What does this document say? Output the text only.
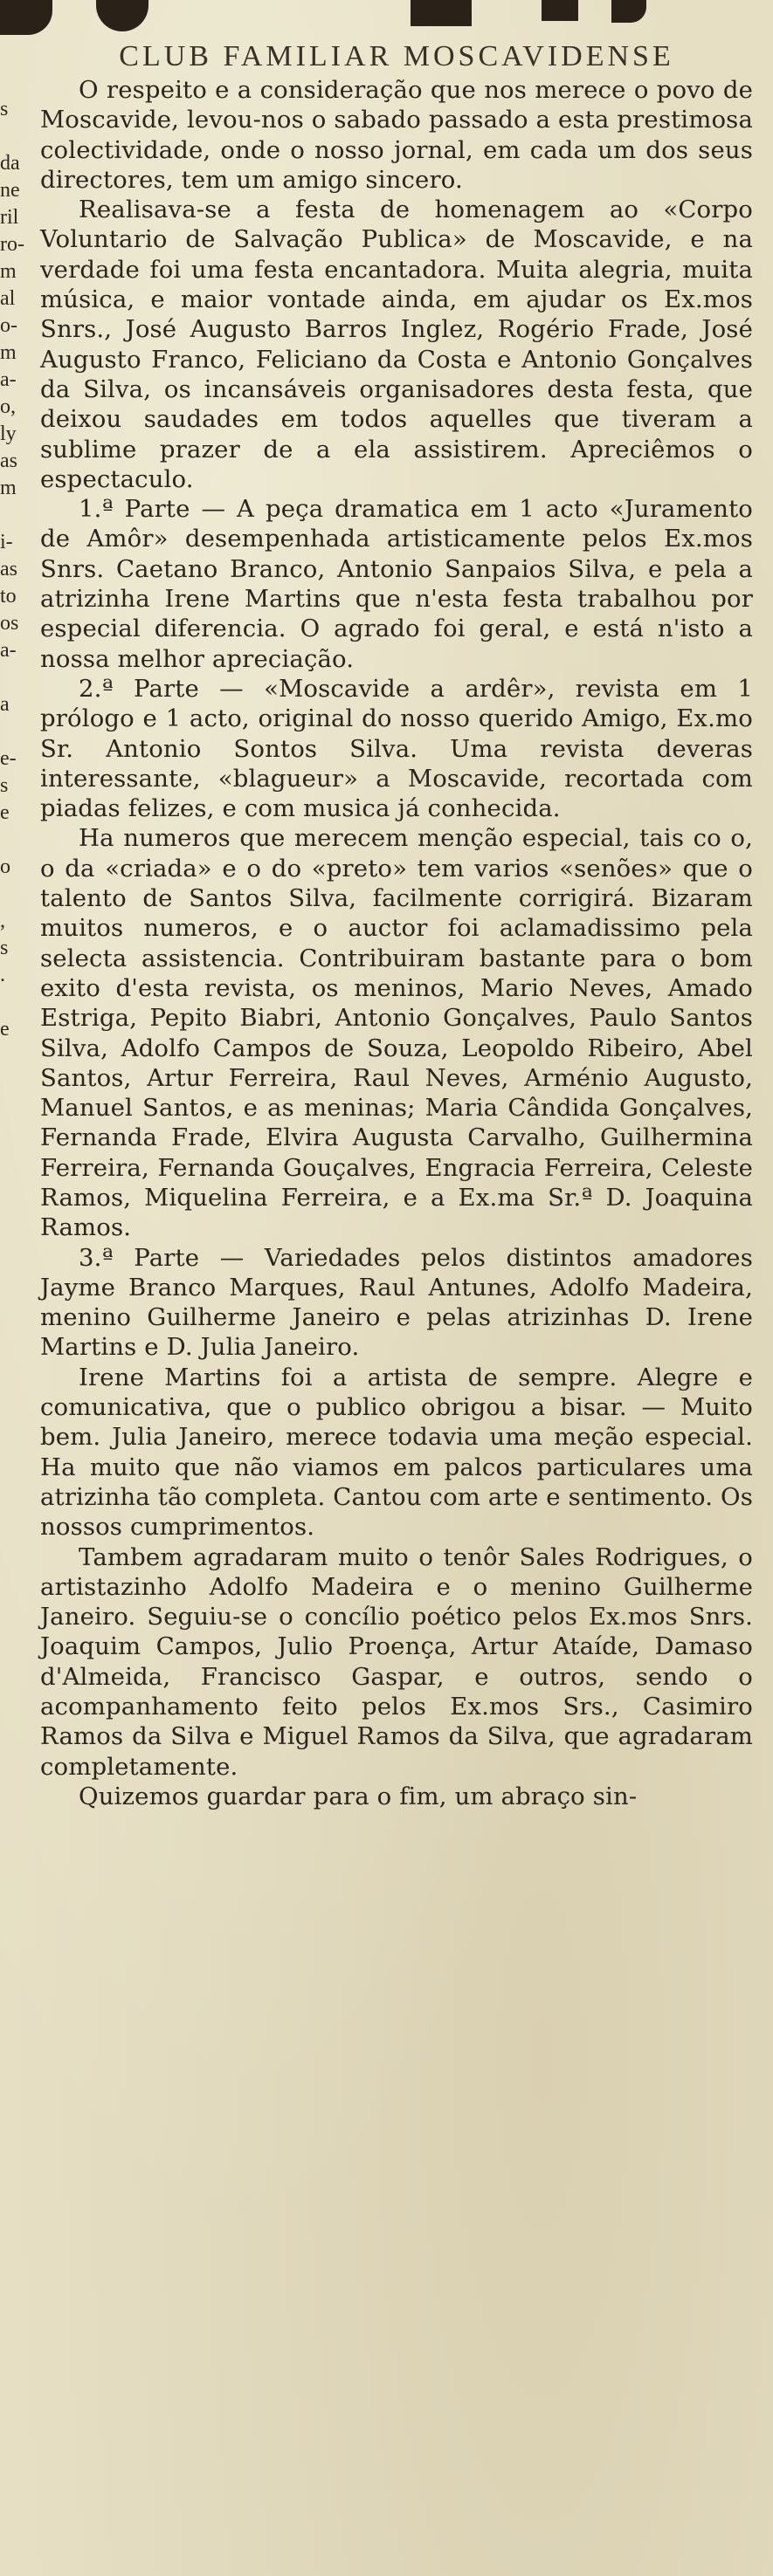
s
da
ne
ril
ro-
m
al
o-
m
a-
o,
ly
as
m
i-
as
to
os
a-
a
e-
s
e
o
,
s
.
e
CLUB FAMILIAR MOSCAVIDENSE

O respeito e a consideração que nos merece o povo de Moscavide, levou-nos o sabado passado a esta prestimosa colectividade, onde o nosso jornal, em cada um dos seus directores, tem um amigo sincero.

Realisava-se a festa de homenagem ao «Corpo Voluntario de Salvação Publica» de Moscavide, e na verdade foi uma festa encantadora. Muita alegria, muita música, e maior vontade ainda, em ajudar os Ex.mos Snrs., José Augusto Barros Inglez, Rogério Frade, José Augusto Franco, Feliciano da Costa e Antonio Gonçalves da Silva, os incansáveis organisadores desta festa, que deixou saudades em todos aquelles que tiveram a sublime prazer de a ela assistirem. Apreciêmos o espectaculo.

1.ª Parte — A peça dramatica em 1 acto «Juramento de Amôr» desempenhada artisticamente pelos Ex.mos Snrs. Caetano Branco, Antonio Sanpaios Silva, e pela a atrizinha Irene Martins que n'esta festa trabalhou por especial diferencia. O agrado foi geral, e está n'isto a nossa melhor apreciação.

2.ª Parte — «Moscavide a ardêr», revista em 1 prólogo e 1 acto, original do nosso querido Amigo, Ex.mo Sr. Antonio Sontos Silva. Uma revista deveras interessante, «blagueur» a Moscavide, recortada com piadas felizes, e com musica já conhecida.

Ha numeros que merecem menção especial, tais co o, o da «criada» e o do «preto» tem varios «senões» que o talento de Santos Silva, facilmente corrigirá. Bizaram muitos numeros, e o auctor foi aclamadissimo pela selecta assistencia. Contribuiram bastante para o bom exito d'esta revista, os meninos, Mario Neves, Amado Estriga, Pepito Biabri, Antonio Gonçalves, Paulo Santos Silva, Adolfo Campos de Souza, Leopoldo Ribeiro, Abel Santos, Artur Ferreira, Raul Neves, Arménio Augusto, Manuel Santos, e as meninas; Maria Cândida Gonçalves, Fernanda Frade, Elvira Augusta Carvalho, Guilhermina Ferreira, Fernanda Gouçalves, Engracia Ferreira, Celeste Ramos, Miquelina Ferreira, e a Ex.ma Sr.ª D. Joaquina Ramos.

3.ª Parte — Variedades pelos distintos amadores Jayme Branco Marques, Raul Antunes, Adolfo Madeira, menino Guilherme Janeiro e pelas atrizinhas D. Irene Martins e D. Julia Janeiro.

Irene Martins foi a artista de sempre. Alegre e comunicativa, que o publico obrigou a bisar. — Muito bem. Julia Janeiro, merece todavia uma meção especial. Ha muito que não viamos em palcos particulares uma atrizinha tão completa. Cantou com arte e sentimento. Os nossos cumprimentos.

Tambem agradaram muito o tenôr Sales Rodrigues, o artistazinho Adolfo Madeira e o menino Guilherme Janeiro. Seguiu-se o concílio poético pelos Ex.mos Snrs. Joaquim Campos, Julio Proença, Artur Ataíde, Damaso d'Almeida, Francisco Gaspar, e outros, sendo o acompanhamento feito pelos Ex.mos Srs., Casimiro Ramos da Silva e Miguel Ramos da Silva, que agradaram completamente.

Quizemos guardar para o fim, um abraço sin-
